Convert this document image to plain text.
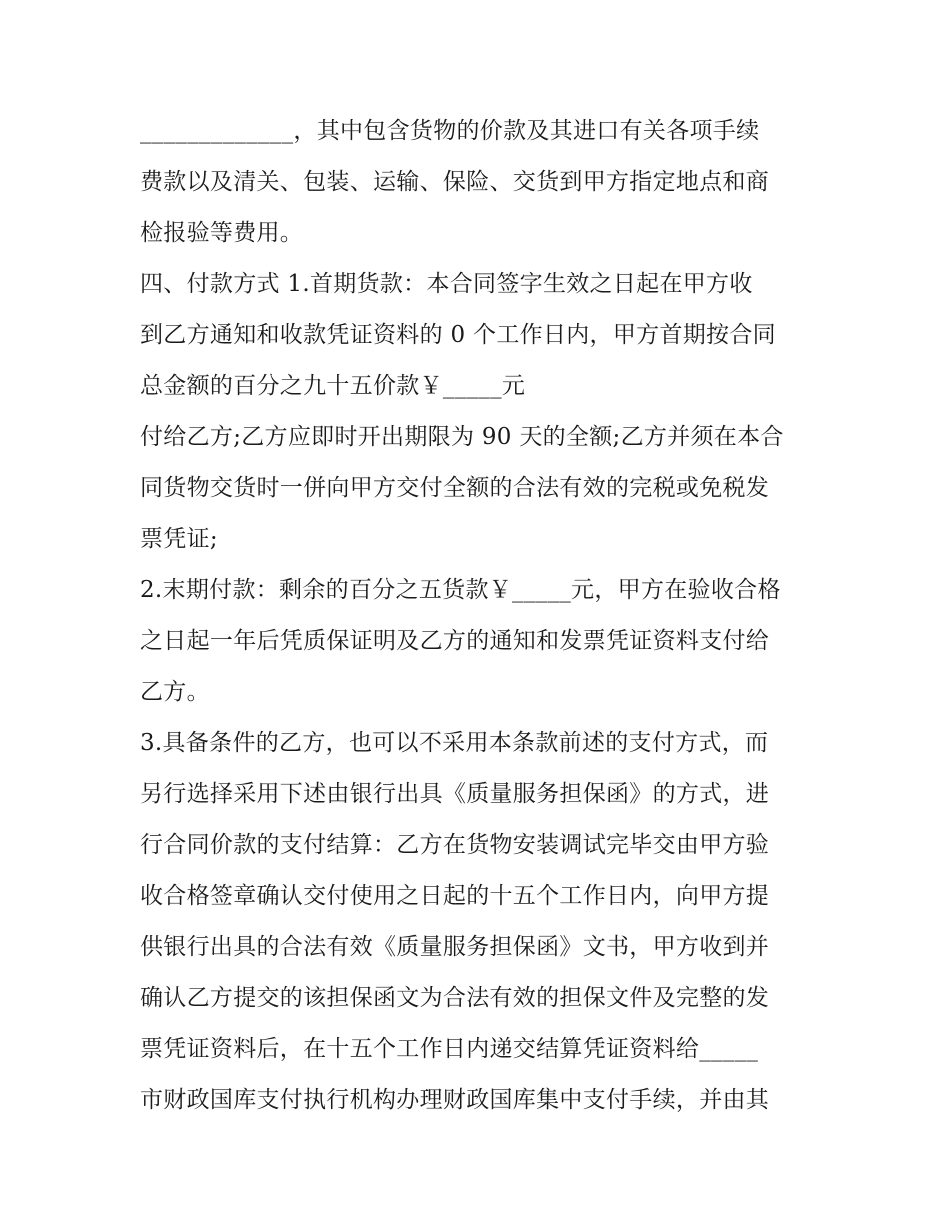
_____________，其中包含货物的价款及其进口有关各项手续
费款以及清关、包装、运输、保险、交货到甲方指定地点和商
检报验等费用。
四、付款方式 1.首期货款：本合同签字生效之日起在甲方收
到乙方通知和收款凭证资料的 0 个工作日内，甲方首期按合同
总金额的百分之九十五价款￥_____元
付给乙方;乙方应即时开出期限为 90 天的全额;乙方并须在本合
同货物交货时一併向甲方交付全额的合法有效的完税或免税发
票凭证;
2.末期付款：剩余的百分之五货款￥_____元，甲方在验收合格
之日起一年后凭质保证明及乙方的通知和发票凭证资料支付给
乙方。
3.具备条件的乙方，也可以不采用本条款前述的支付方式，而
另行选择采用下述由银行出具《质量服务担保函》的方式，进
行合同价款的支付结算：乙方在货物安装调试完毕交由甲方验
收合格签章确认交付使用之日起的十五个工作日内，向甲方提
供银行出具的合法有效《质量服务担保函》文书，甲方收到并
确认乙方提交的该担保函文为合法有效的担保文件及完整的发
票凭证资料后，在十五个工作日内递交结算凭证资料给_____
市财政国库支付执行机构办理财政国库集中支付手续，并由其
